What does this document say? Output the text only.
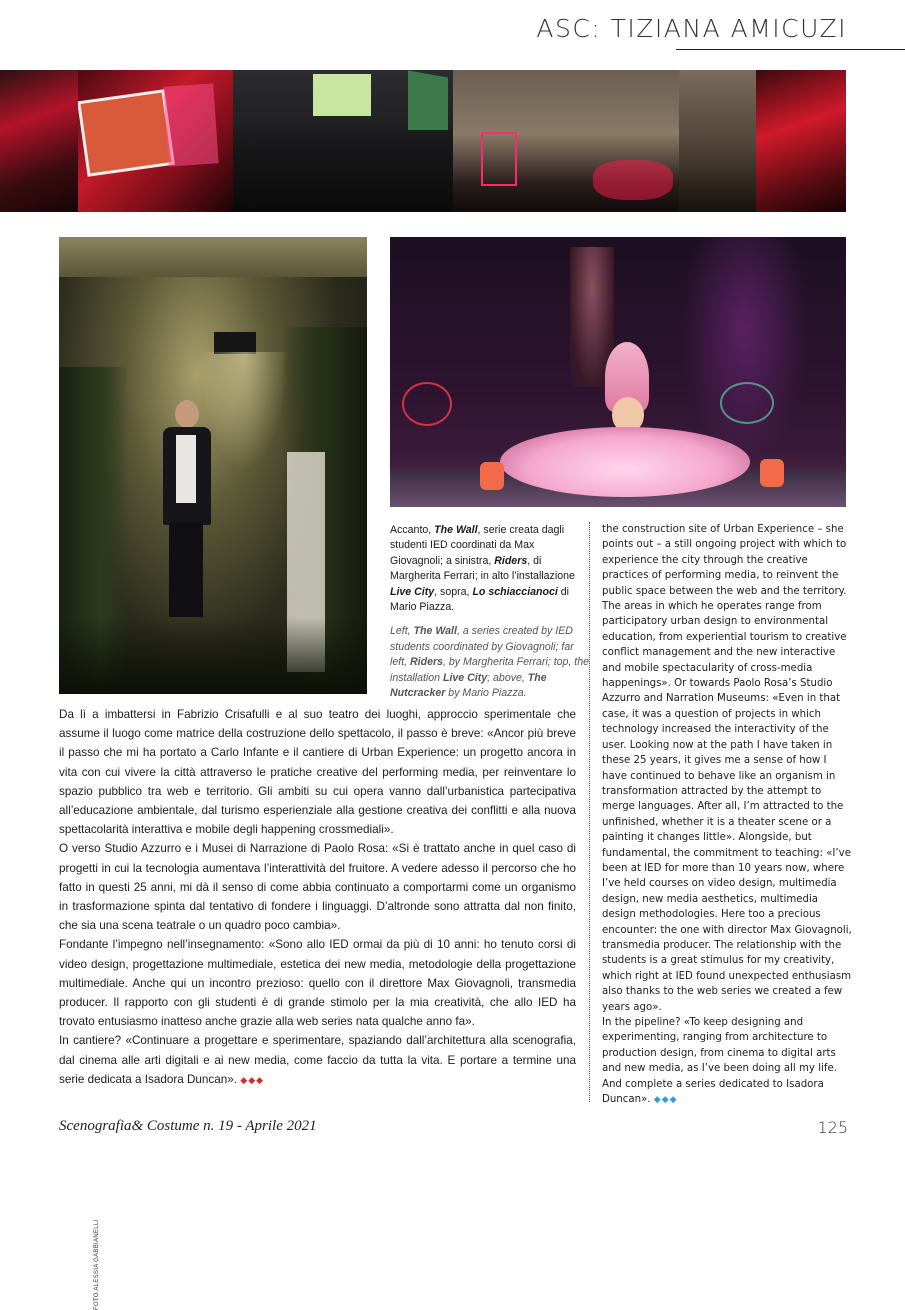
ASC: TIZIANA AMICUZI
FOTO ALESSIA GABBIANELLI

Accanto, The Wall, serie creata dagli studenti IED coordinati da Max Giovagnoli; a sinistra, Riders, di Margherita Ferrari; in alto l’installazione Live City, sopra, Lo schiaccianoci di Mario Piazza.

Left, The Wall, a series created by IED students coordinated by Giovagnoli; far left, Riders, by Margherita Ferrari; top, the installation Live City; above, The Nutcracker by Mario Piazza.

Da lì a imbattersi in Fabrizio Crisafulli e al suo teatro dei luoghi, approccio sperimentale che assume il luogo come matrice della costruzione dello spettacolo, il passo è breve: «Ancor più breve il passo che mi ha portato a Carlo Infante e il cantiere di Urban Experience: un progetto ancora in vita con cui vivere la città attraverso le pratiche creative del performing media, per reinventare lo spazio pubblico tra web e territorio. Gli ambiti su cui opera vanno dall’urbanistica partecipativa all’educazione ambientale, dal turismo esperienziale alla gestione creativa dei conflitti e alla nuova spettacolarità interattiva e mobile degli happening crossmediali».

O verso Studio Azzurro e i Musei di Narrazione di Paolo Rosa: «Si è trattato anche in quel caso di progetti in cui la tecnologia aumentava l’interattività del fruitore. A vedere adesso il percorso che ho fatto in questi 25 anni, mi dà il senso di come abbia continuato a comportarmi come un organismo in trasformazione spinta dal tentativo di fondere i linguaggi. D’altronde sono attratta dal non finito, che sia una scena teatrale o un quadro poco cambia».

Fondante l’impegno nell’insegnamento: «Sono allo IED ormai da più di 10 anni: ho tenuto corsi di video design, progettazione multimediale, estetica dei new media, metodologie della progettazione multimediale. Anche qui un incontro prezioso: quello con il direttore Max Giovagnoli, transmedia producer. Il rapporto con gli studenti è di grande stimolo per la mia creatività, che allo IED ha trovato entusiasmo inatteso anche grazie alla web series nata qualche anno fa».

In cantiere? «Continuare a progettare e sperimentare, spaziando dall’architettura alla scenografia, dal cinema alle arti digitali e ai new media, come faccio da tutta la vita. E portare a termine una serie dedicata a Isadora Duncan». ◆◆◆

the construction site of Urban Experience – she points out – a still ongoing project with which to experience the city through the creative practices of performing media, to reinvent the public space between the web and the territory. The areas in which he operates range from participatory urban design to environmental education, from experiential tourism to creative conflict management and the new interactive and mobile spectacularity of cross-media happenings». Or towards Paolo Rosa’s Studio Azzurro and Narration Museums: «Even in that case, it was a question of projects in which technology increased the interactivity of the user. Looking now at the path I have taken in these 25 years, it gives me a sense of how I have continued to behave like an organism in transformation attracted by the attempt to merge languages. After all, I’m attracted to the unfinished, whether it is a theater scene or a painting it changes little». Alongside, but fundamental, the commitment to teaching: «I’ve been at IED for more than 10 years now, where I’ve held courses on video design, multimedia design, new media aesthetics, multimedia design methodologies. Here too a precious encounter: the one with director Max Giovagnoli, transmedia producer. The relationship with the students is a great stimulus for my creativity, which right at IED found unexpected enthusiasm also thanks to the web series we created a few years ago».

In the pipeline? «To keep designing and experimenting, ranging from architecture to production design, from cinema to digital arts and new media, as I’ve been doing all my life. And complete a series dedicated to Isadora Duncan». ◆◆◆

Scenografia& Costume n. 19 - Aprile 2021	125
